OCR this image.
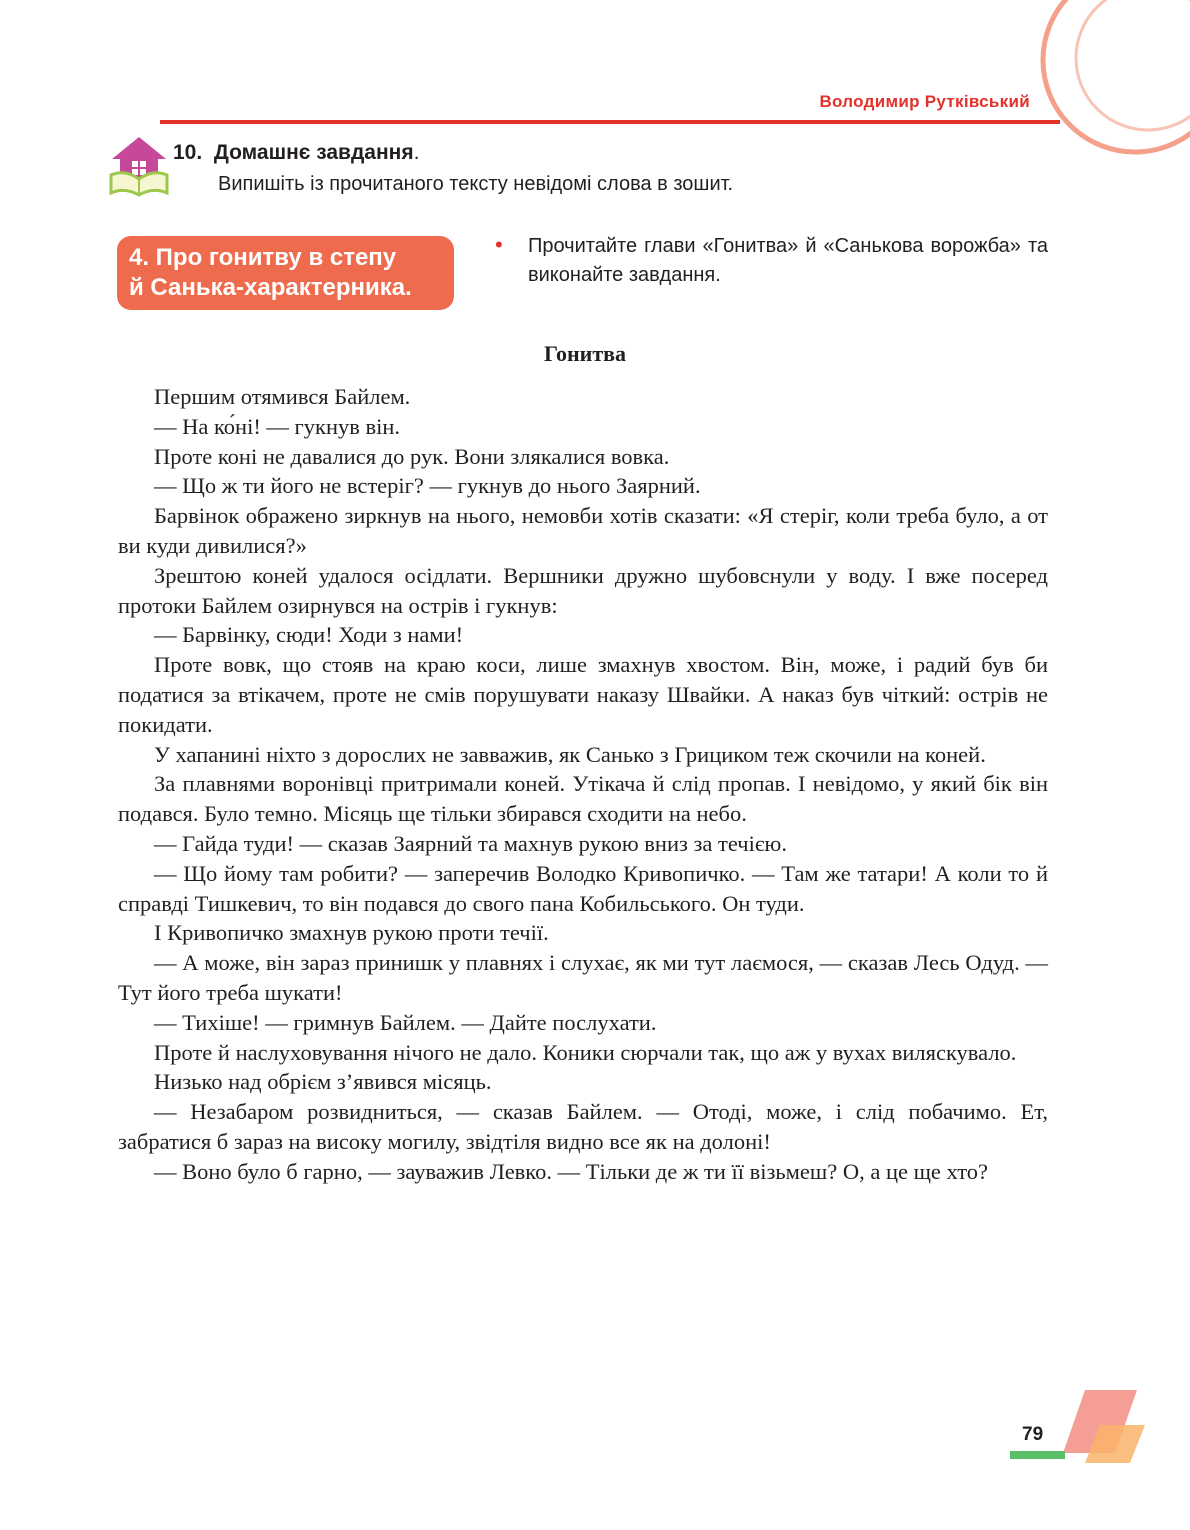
Володимир Рутківський
10. Домашнє завдання.
Випишіть із прочитаного тексту невідомі слова в зошит.
4. Про гонитву в степу
й Санька-характерника.
• Прочитайте глави «Гонитва» й «Санькова ворожба» та виконайте завдання.
Гонитва

Першим отямився Байлем.

— На ко́ні! — гукнув він.

Проте коні не давалися до рук. Вони злякалися вовка.

— Що ж ти його не встеріг? — гукнув до нього Заярний.

Барвінок ображено зиркнув на нього, немовби хотів сказати: «Я стеріг, коли треба було, а от ви куди дивилися?»

Зрештою коней удалося осідлати. Вершники дружно шубовснули у воду. І вже посеред протоки Байлем озирнувся на острів і гукнув:

— Барвінку, сюди! Ходи з нами!

Проте вовк, що стояв на краю коси, лише змахнув хвостом. Він, може, і радий був би податися за втікачем, проте не смів порушувати наказу Швайки. А наказ був чіткий: острів не покидати.

У хапанині ніхто з дорослих не завважив, як Санько з Грициком теж скочили на коней.

За плавнями воронівці притримали коней. Утікача й слід пропав. І невідомо, у який бік він подався. Було темно. Місяць ще тільки збирався сходити на небо.

— Гайда туди! — сказав Заярний та махнув рукою вниз за течією.

— Що йому там робити? — заперечив Володко Кривопичко. — Там же татари! А коли то й справді Тишкевич, то він подався до свого пана Кобильського. Он туди.

І Кривопичко змахнув рукою проти течії.

— А може, він зараз принишк у плавнях і слухає, як ми тут лаємося, — сказав Лесь Одуд. — Тут його треба шукати!

— Тихіше! — гримнув Байлем. — Дайте послухати.

Проте й наслуховування нічого не дало. Коники сюрчали так, що аж у вухах виляскувало.

Низько над обрієм з’явився місяць.

— Незабаром розвидниться, — сказав Байлем. — Отоді, може, і слід побачимо. Ет, забратися б зараз на високу могилу, звідтіля видно все як на долоні!

— Воно було б гарно, — зауважив Левко. — Тільки де ж ти її візьмеш? О, а це ще хто?

79
